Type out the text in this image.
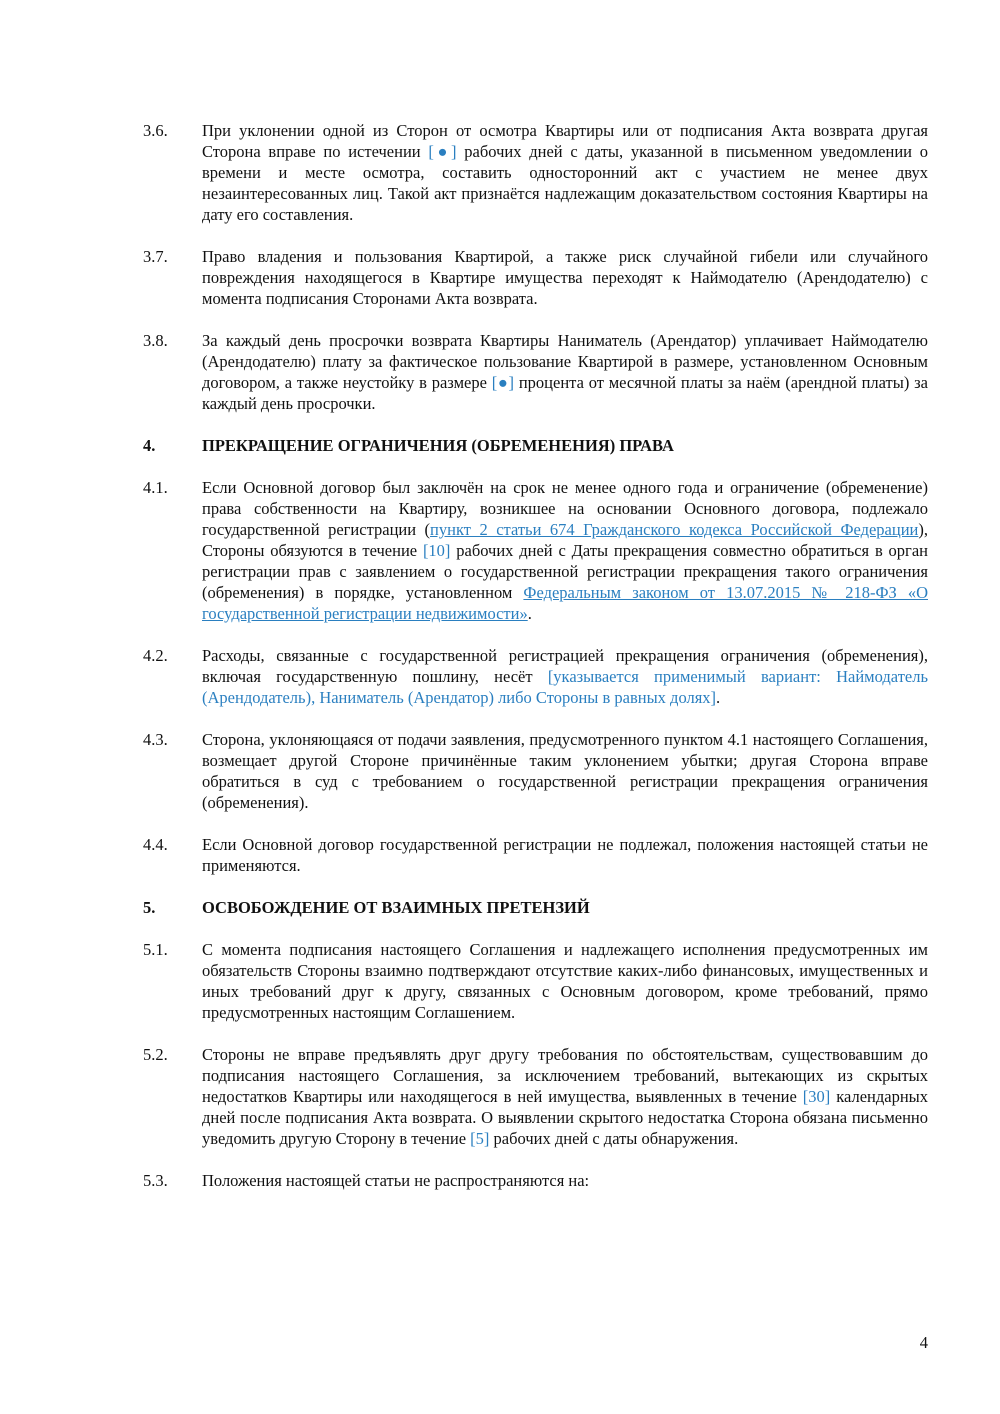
3.6.	При уклонении одной из Сторон от осмотра Квартиры или от подписания Акта возврата другая Сторона вправе по истечении [●] рабочих дней с даты, указанной в письменном уведомлении о времени и месте осмотра, составить односторонний акт с участием не менее двух незаинтересованных лиц. Такой акт признаётся надлежащим доказательством состояния Квартиры на дату его составления.
3.7.	Право владения и пользования Квартирой, а также риск случайной гибели или случайного повреждения находящегося в Квартире имущества переходят к Наймодателю (Арендодателю) с момента подписания Сторонами Акта возврата.
3.8.	За каждый день просрочки возврата Квартиры Наниматель (Арендатор) уплачивает Наймодателю (Арендодателю) плату за фактическое пользование Квартирой в размере, установленном Основным договором, а также неустойку в размере [●] процента от месячной платы за наём (арендной платы) за каждый день просрочки.
4.	ПРЕКРАЩЕНИЕ ОГРАНИЧЕНИЯ (ОБРЕМЕНЕНИЯ) ПРАВА
4.1.	Если Основной договор был заключён на срок не менее одного года и ограничение (обременение) права собственности на Квартиру, возникшее на основании Основного договора, подлежало государственной регистрации (пункт 2 статьи 674 Гражданского кодекса Российской Федерации), Стороны обязуются в течение [10] рабочих дней с Даты прекращения совместно обратиться в орган регистрации прав с заявлением о государственной регистрации прекращения такого ограничения (обременения) в порядке, установленном Федеральным законом от 13.07.2015 № 218-ФЗ «О государственной регистрации недвижимости».
4.2.	Расходы, связанные с государственной регистрацией прекращения ограничения (обременения), включая государственную пошлину, несёт [указывается применимый вариант: Наймодатель (Арендодатель), Наниматель (Арендатор) либо Стороны в равных долях].
4.3.	Сторона, уклоняющаяся от подачи заявления, предусмотренного пунктом 4.1 настоящего Соглашения, возмещает другой Стороне причинённые таким уклонением убытки; другая Сторона вправе обратиться в суд с требованием о государственной регистрации прекращения ограничения (обременения).
4.4.	Если Основной договор государственной регистрации не подлежал, положения настоящей статьи не применяются.
5.	ОСВОБОЖДЕНИЕ ОТ ВЗАИМНЫХ ПРЕТЕНЗИЙ
5.1.	С момента подписания настоящего Соглашения и надлежащего исполнения предусмотренных им обязательств Стороны взаимно подтверждают отсутствие каких-либо финансовых, имущественных и иных требований друг к другу, связанных с Основным договором, кроме требований, прямо предусмотренных настоящим Соглашением.
5.2.	Стороны не вправе предъявлять друг другу требования по обстоятельствам, существовавшим до подписания настоящего Соглашения, за исключением требований, вытекающих из скрытых недостатков Квартиры или находящегося в ней имущества, выявленных в течение [30] календарных дней после подписания Акта возврата. О выявлении скрытого недостатка Сторона обязана письменно уведомить другую Сторону в течение [5] рабочих дней с даты обнаружения.
5.3.	Положения настоящей статьи не распространяются на:
4
